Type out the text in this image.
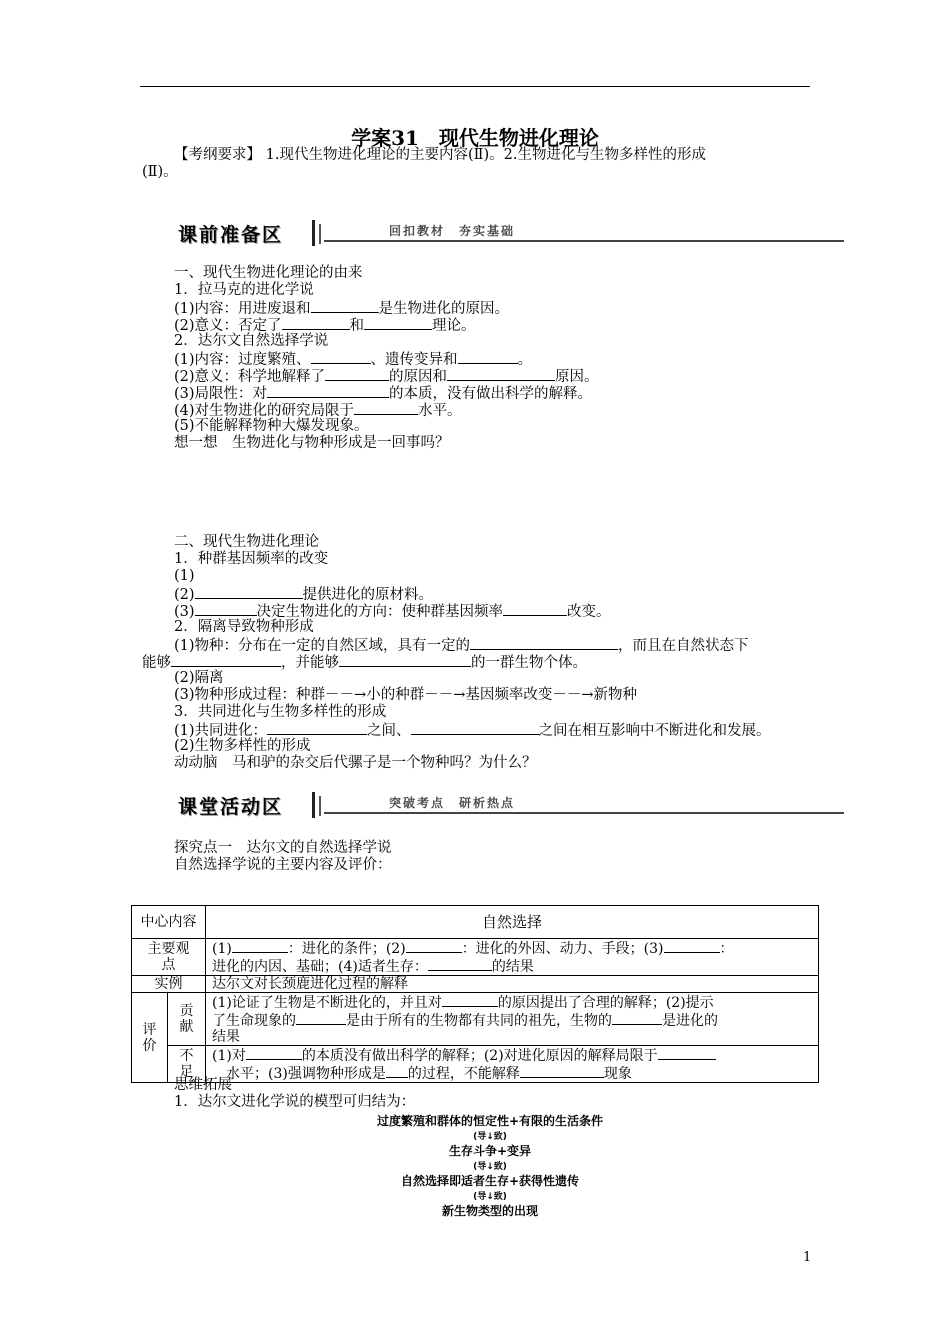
学案31　现代生物进化理论
【考纲要求】 1.现代生物进化理论的主要内容(Ⅱ)。2.生物进化与生物多样性的形成
(Ⅱ)。
课前准备区	回扣教材　夯实基础
一、现代生物进化理论的由来
1．拉马克的进化学说
(1)内容：用进废退和	是生物进化的原因。
(2)意义：否定了	和	理论。
2．达尔文自然选择学说
(1)内容：过度繁殖、	、遗传变异和	。
(2)意义：科学地解释了	的原因和	原因。
(3)局限性：对	的本质，没有做出科学的解释。
(4)对生物进化的研究局限于	水平。
(5)不能解释物种大爆发现象。
想一想　生物进化与物种形成是一回事吗？
二、现代生物进化理论
1．种群基因频率的改变
(1)
(2)	提供进化的原材料。
(3)	决定生物进化的方向：使种群基因频率	改变。
2．隔离导致物种形成
(1)物种：分布在一定的自然区域，具有一定的	，而且在自然状态下
能够	，并能够	的一群生物个体。
(2)隔离
(3)物种形成过程：种群－－→小的种群－－→基因频率改变－－→新物种
3．共同进化与生物多样性的形成
(1)共同进化：	之间、	之间在相互影响中不断进化和发展。
(2)生物多样性的形成
动动脑　马和驴的杂交后代骡子是一个物种吗？为什么？
课堂活动区	突破考点　研析热点
探究点一　达尔文的自然选择学说
自然选择学说的主要内容及评价：
中心内容		自然选择
主要观点		(1) ：进化的条件；(2) ：进化的外因、动力、手段；(3) ：
进化的内因、基础；(4)适者生存： 的结果

实例		达尔文对长颈鹿进化过程的解释
评价	贡献	(1)论证了生物是不断进化的，并且对 的原因提出了合理的解释；(2)提示
了生命现象的 是由于所有的生物都有共同的祖先，生物的 是进化的
结果

	不足	(1)对 的本质没有做出科学的解释；(2)对进化原因的解释局限于
水平；(3)强调物种形成是 的过程，不能解释 现象
思维拓展
1．达尔文进化学说的模型可归结为：
过度繁殖和群体的恒定性+有限的生活条件
(导↓致)
生存斗争+变异
(导↓致)
自然选择即适者生存+获得性遗传
(导↓致)
新生物类型的出现
1
